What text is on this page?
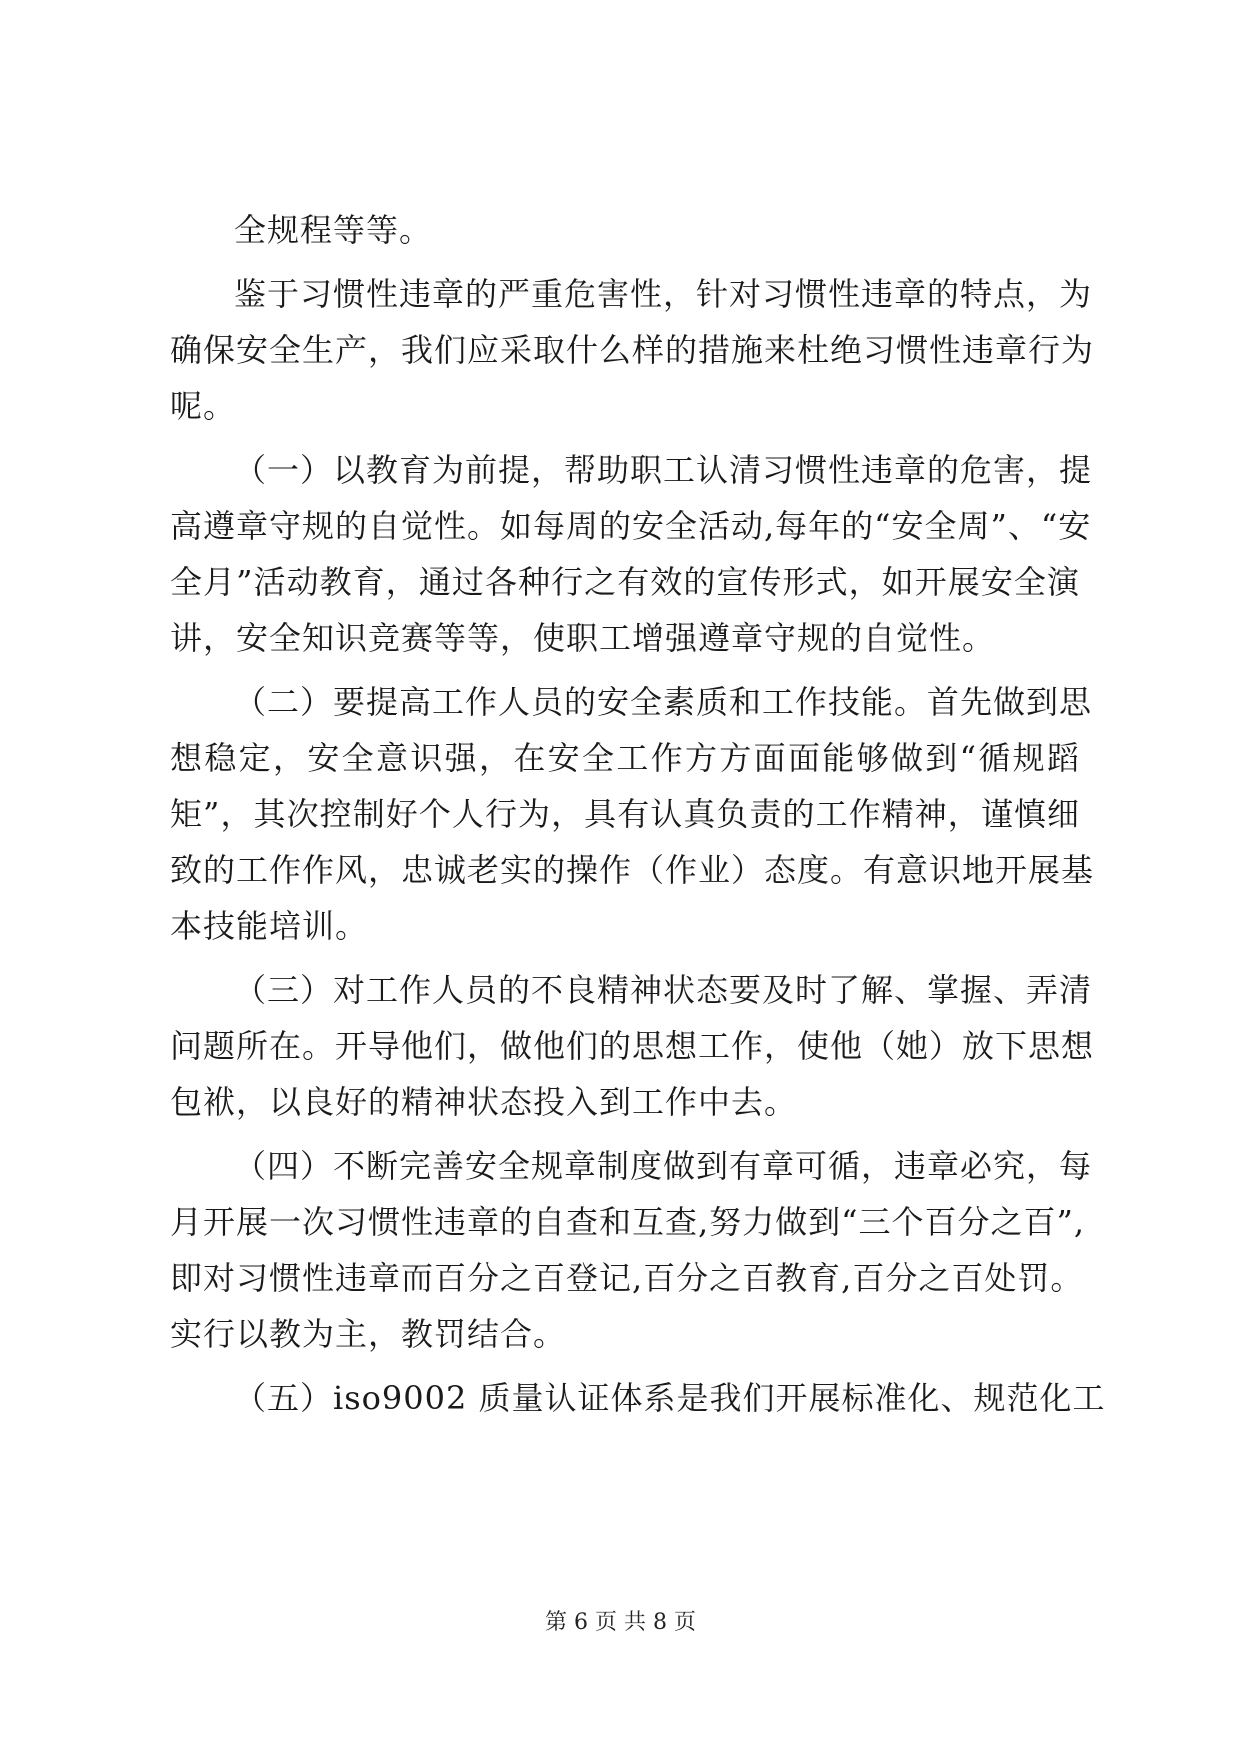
全规程等等。
鉴于习惯性违章的严重危害性，针对习惯性违章的特点，为
确保安全生产，我们应采取什么样的措施来杜绝习惯性违章行为
呢。
（一）以教育为前提，帮助职工认清习惯性违章的危害，提
高遵章守规的自觉性。如每周的安全活动,每年的“安全周”、“安
全月”活动教育，通过各种行之有效的宣传形式，如开展安全演
讲，安全知识竞赛等等，使职工增强遵章守规的自觉性。
（二）要提高工作人员的安全素质和工作技能。首先做到思
想稳定，安全意识强，在安全工作方方面面能够做到“循规蹈
矩”，其次控制好个人行为，具有认真负责的工作精神，谨慎细
致的工作作风，忠诚老实的操作（作业）态度。有意识地开展基
本技能培训。
（三）对工作人员的不良精神状态要及时了解、掌握、弄清
问题所在。开导他们，做他们的思想工作，使他（她）放下思想
包袱，以良好的精神状态投入到工作中去。
（四）不断完善安全规章制度做到有章可循，违章必究，每
月开展一次习惯性违章的自查和互查,努力做到“三个百分之百”,
即对习惯性违章而百分之百登记,百分之百教育,百分之百处罚。
实行以教为主，教罚结合。
（五）iso9002 质量认证体系是我们开展标准化、规范化工
第 6 页 共 8 页
